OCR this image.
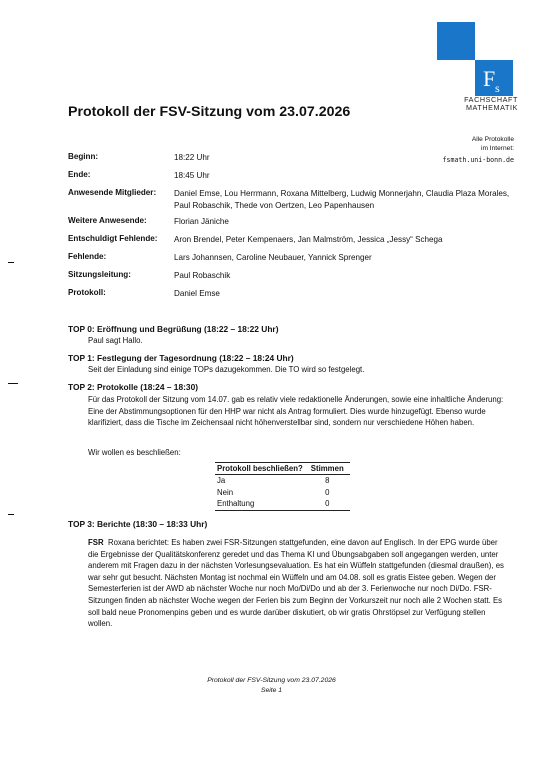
F s
FACHSCHAFT
MATHEMATIK
Protokoll der FSV-Sitzung vom 23.07.2026
Alle Protokolle
im Internet:
fsmath.uni-bonn.de
Beginn:	18:22 Uhr
Ende:	18:45 Uhr
Anwesende Mitglieder: Daniel Emse, Lou Herrmann, Roxana Mittelberg, Ludwig Monnerjahn, Claudia Plaza Morales, Paul Robaschik, Thede von Oertzen, Leo Papenhausen
Weitere Anwesende:	Florian Jäniche
Entschuldigt Fehlende: Aron Brendel, Peter Kempenaers, Jan Malmström, Jessica „Jessy“ Schega
Fehlende:	Lars Johannsen, Caroline Neubauer, Yannick Sprenger
Sitzungsleitung:	Paul Robaschik
Protokoll:	Daniel Emse
TOP 0: Eröffnung und Begrüßung (18:22 – 18:22 Uhr)
Paul sagt Hallo.
TOP 1: Festlegung der Tagesordnung (18:22 – 18:24 Uhr)
Seit der Einladung sind einige TOPs dazugekommen. Die TO wird so festgelegt.
TOP 2: Protokolle (18:24 – 18:30)
Für das Protokoll der Sitzung vom 14.07. gab es relativ viele redaktionelle Änderungen, sowie eine inhaltliche Änderung: Eine der Abstimmungsoptionen für den HHP war nicht als Antrag formuliert. Dies wurde hinzugefügt. Ebenso wurde klarifiziert, dass die Tische im Zeichensaal nicht höhenverstellbar sind, sondern nur verschiedene Höhen haben.
Wir wollen es beschließen:
Protokoll beschließen?	Stimmen
Ja	8
Nein	0
Enthaltung	0
TOP 3: Berichte (18:30 – 18:33 Uhr)
FSR Roxana berichtet: Es haben zwei FSR-Sitzungen stattgefunden, eine davon auf Englisch. In der EPG wurde über die Ergebnisse der Qualitätskonferenz geredet und das Thema KI und Übungsabgaben soll angegangen werden, unter anderem mit Fragen dazu in der nächsten Vorlesungsevaluation. Es hat ein Wüffeln stattgefunden (diesmal draußen), es war sehr gut besucht. Nächsten Montag ist nochmal ein Wüffeln und am 04.08. soll es gratis Eistee geben. Wegen der Semesterferien ist der AWD ab nächster Woche nur noch Mo/Di/Do und ab der 3. Ferienwoche nur noch Di/Do. FSR-Sitzungen finden ab nächster Woche wegen der Ferien bis zum Beginn der Vorkurszeit nur noch alle 2 Wochen statt. Es soll bald neue Pronomenpins geben und es wurde darüber diskutiert, ob wir gratis Ohrstöpsel zur Verfügung stellen wollen.
Protokoll der FSV-Sitzung vom 23.07.2026
Seite 1
